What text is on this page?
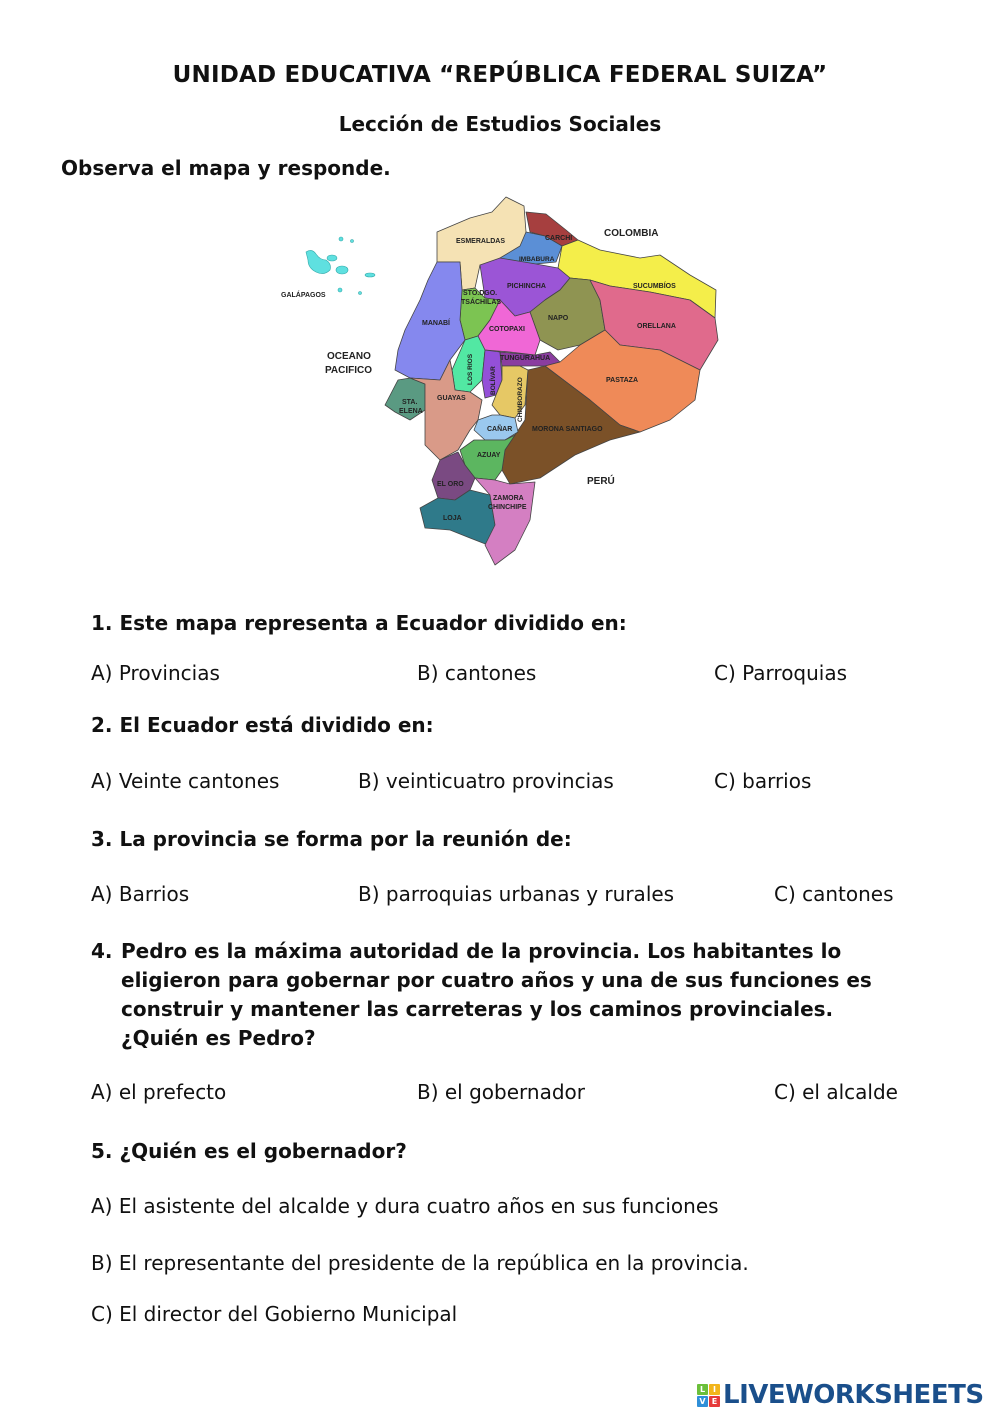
UNIDAD EDUCATIVA “REPÚBLICA FEDERAL SUIZA”
Lección de Estudios Sociales
Observa el mapa y responde.
COLOMBIA
PERÚ
OCEANO
PACIFICO
GALÁPAGOS
ESMERALDAS	CARCHI
IMBABURA
SUCUMBÍOS
PICHINCHA
STO.DGO.
TSÁCHILAS
MANABÍ
NAPO
ORELLANA
COTOPAXI
LOS RIOS	BOLÍVAR
TUNGURAHUA
PASTAZA
CHIMBORAZO
STA.
ELENA
GUAYAS
CAÑAR	MORONA SANTIAGO
AZUAY
EL ORO
LOJA
ZAMORA
CHINCHIPE
1. Este mapa representa a Ecuador dividido en:
A) Provincias	B) cantones	C) Parroquias
2. El Ecuador está dividido en:
A) Veinte cantones	B) veinticuatro provincias	C) barrios
3. La provincia se forma por la reunión de:
A) Barrios	B) parroquias urbanas y rurales	C) cantones
4. Pedro es la máxima autoridad de la provincia. Los habitantes lo eligieron para gobernar por cuatro años y una de sus funciones es construir y mantener las carreteras y los caminos provinciales. ¿Quién es Pedro?
A) el prefecto	B) el gobernador	C) el alcalde
5. ¿Quién es el gobernador?
A) El asistente del alcalde y dura cuatro años en sus funciones
B) El representante del presidente de la república en la provincia.
C) El director del Gobierno Municipal
L I
V E LIVEWORKSHEETS
